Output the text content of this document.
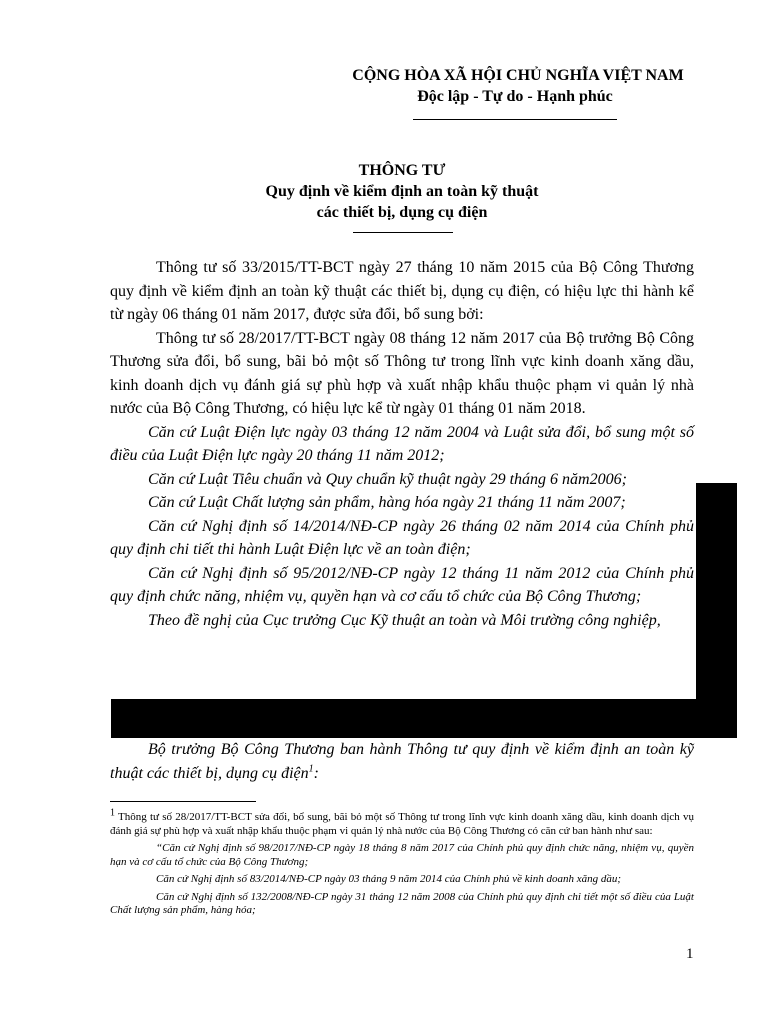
CỘNG HÒA XÃ HỘI CHỦ NGHĨA VIỆT NAM
Độc lập - Tự do - Hạnh phúc
THÔNG TƯ
Quy định về kiểm định an toàn kỹ thuật
các thiết bị, dụng cụ điện

Thông tư số 33/2015/TT-BCT ngày 27 tháng 10 năm 2015 của Bộ Công Thương quy định về kiểm định an toàn kỹ thuật các thiết bị, dụng cụ điện, có hiệu lực thi hành kể từ ngày 06 tháng 01 năm 2017, được sửa đổi, bổ sung bởi:

Thông tư số 28/2017/TT-BCT ngày 08 tháng 12 năm 2017 của Bộ trưởng Bộ Công Thương sửa đổi, bổ sung, bãi bỏ một số Thông tư trong lĩnh vực kinh doanh xăng dầu, kinh doanh dịch vụ đánh giá sự phù hợp và xuất nhập khẩu thuộc phạm vi quản lý nhà nước của Bộ Công Thương, có hiệu lực kể từ ngày 01 tháng 01 năm 2018.

Căn cứ Luật Điện lực ngày 03 tháng 12 năm 2004 và Luật sửa đổi, bổ sung một số điều của Luật Điện lực ngày 20 tháng 11 năm 2012;

Căn cứ Luật Tiêu chuẩn và Quy chuẩn kỹ thuật ngày 29 tháng 6 năm2006;

Căn cứ Luật Chất lượng sản phẩm, hàng hóa ngày 21 tháng 11 năm 2007;

Căn cứ Nghị định số 14/2014/NĐ-CP ngày 26 tháng 02 năm 2014 của Chính phủ quy định chi tiết thi hành Luật Điện lực về an toàn điện;

Căn cứ Nghị định số 95/2012/NĐ-CP ngày 12 tháng 11 năm 2012 của Chính phủ quy định chức năng, nhiệm vụ, quyền hạn và cơ cấu tổ chức của Bộ Công Thương;

Theo đề nghị của Cục trưởng Cục Kỹ thuật an toàn và Môi trường công nghiệp,

Bộ trưởng Bộ Công Thương ban hành Thông tư quy định về kiểm định an toàn kỹ thuật các thiết bị, dụng cụ điện$^1$:

$^1$ Thông tư số 28/2017/TT-BCT sửa đổi, bổ sung, bãi bỏ một số Thông tư trong lĩnh vực kinh doanh xăng dầu, kinh doanh dịch vụ đánh giá sự phù hợp và xuất nhập khẩu thuộc phạm vi quản lý nhà nước của Bộ Công Thương có căn cứ ban hành như sau:

“Căn cứ Nghị định số 98/2017/NĐ-CP ngày 18 tháng 8 năm 2017 của Chính phủ quy định chức năng, nhiệm vụ, quyền hạn và cơ cấu tổ chức của Bộ Công Thương;

Căn cứ Nghị định số 83/2014/NĐ-CP ngày 03 tháng 9 năm 2014 của Chính phủ về kinh doanh xăng dầu;

Căn cứ Nghị định số 132/2008/NĐ-CP ngày 31 tháng 12 năm 2008 của Chính phủ quy định chi tiết một số điều của Luật Chất lượng sản phẩm, hàng hóa;

1
